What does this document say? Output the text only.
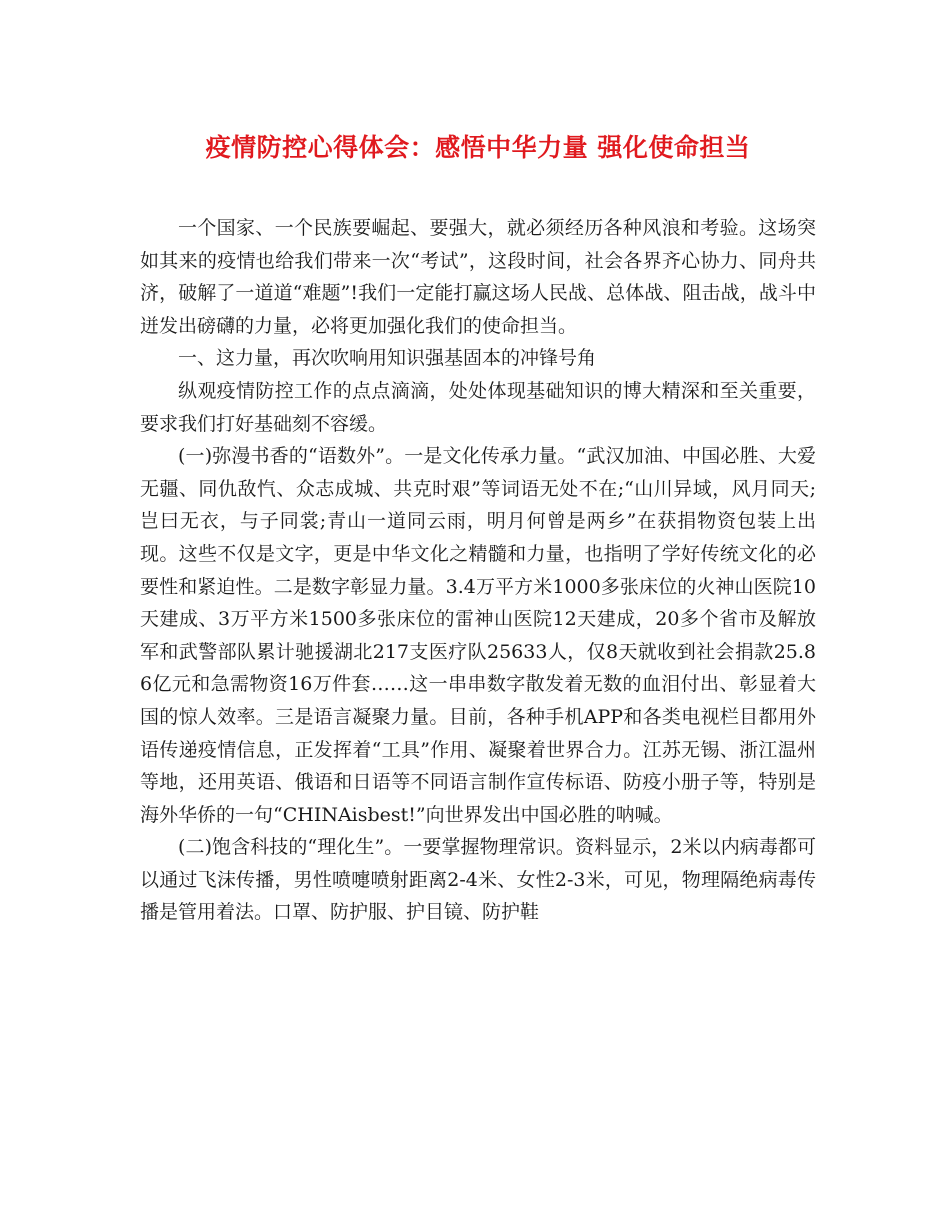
疫情防控心得体会：感悟中华力量 强化使命担当

一个国家、一个民族要崛起、要强大，就必须经历各种风浪和考验。这场突如其来的疫情也给我们带来一次“考试”，这段时间，社会各界齐心协力、同舟共济，破解了一道道“难题”!我们一定能打赢这场人民战、总体战、阻击战，战斗中迸发出磅礴的力量，必将更加强化我们的使命担当。

一、这力量，再次吹响用知识强基固本的冲锋号角

纵观疫情防控工作的点点滴滴，处处体现基础知识的博大精深和至关重要，要求我们打好基础刻不容缓。

(一)弥漫书香的“语数外”。一是文化传承力量。“武汉加油、中国必胜、大爱无疆、同仇敌忾、众志成城、共克时艰”等词语无处不在;“山川异域，风月同天;岂曰无衣，与子同裳;青山一道同云雨，明月何曾是两乡”在获捐物资包装上出现。这些不仅是文字，更是中华文化之精髓和力量，也指明了学好传统文化的必要性和紧迫性。二是数字彰显力量。3.4万平方米1000多张床位的火神山医院10天建成、3万平方米1500多张床位的雷神山医院12天建成，20多个省市及解放军和武警部队累计驰援湖北217支医疗队25633人，仅8天就收到社会捐款25.86亿元和急需物资16万件套……这一串串数字散发着无数的血泪付出、彰显着大国的惊人效率。三是语言凝聚力量。目前，各种手机APP和各类电视栏目都用外语传递疫情信息，正发挥着“工具”作用、凝聚着世界合力。江苏无锡、浙江温州等地，还用英语、俄语和日语等不同语言制作宣传标语、防疫小册子等，特别是海外华侨的一句“CHINAisbest!”向世界发出中国必胜的呐喊。

(二)饱含科技的“理化生”。一要掌握物理常识。资料显示，2米以内病毒都可以通过飞沫传播，男性喷嚏喷射距离2-4米、女性2-3米，可见，物理隔绝病毒传播是管用着法。口罩、防护服、护目镜、防护鞋
